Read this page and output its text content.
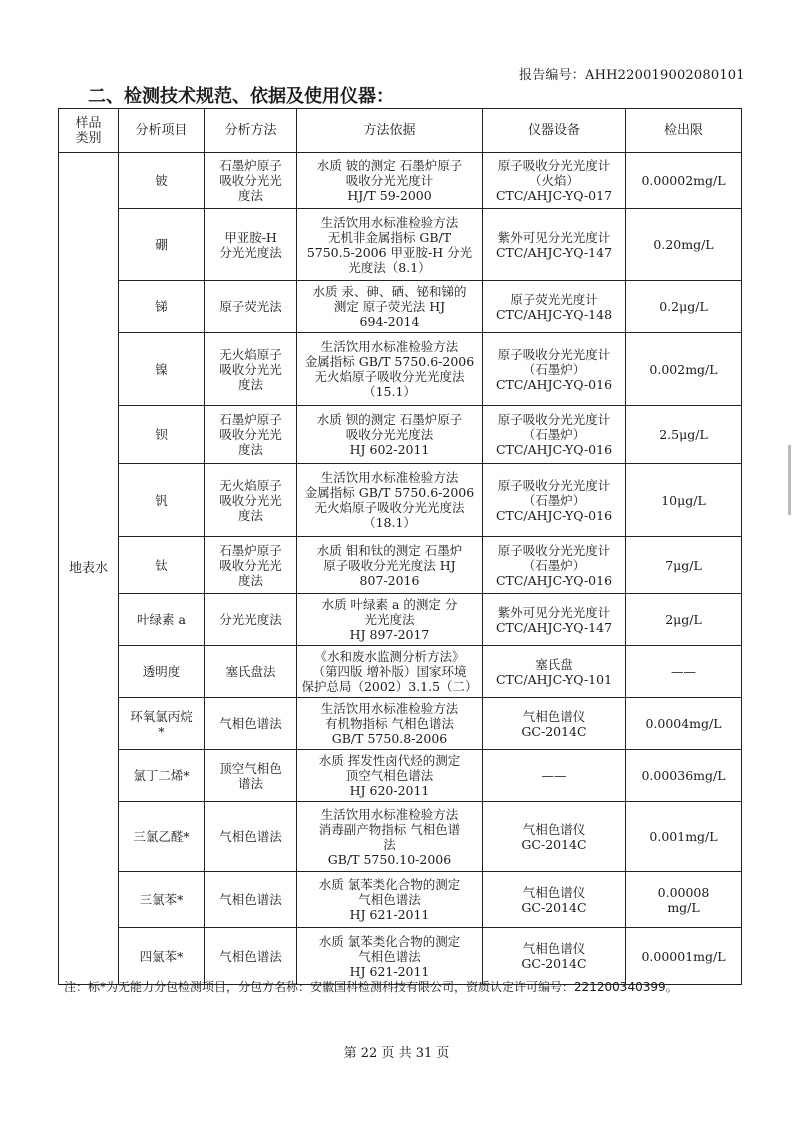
报告编号：AHH22001900208010​1
二、检测技术规范、依据及使用仪器：
样品
类别	分析项目	分析方法	方法依据	仪器设备	检出限
地表水	铍	石墨炉原子
吸收分光光
度法	水质 铍的测定 石墨炉原子
吸收分光光度计
HJ/T 59-2000	原子吸收分光光度计
（火焰）
CTC/AHJC-YQ-017	0.00002mg/L

	硼	甲亚胺-H
分光光度法	生活饮用水标准检验方法
无机非金属指标 GB/T
5750.5-2006 甲亚胺-H 分光
光度法（8.1）	紫外可见分光光度计
CTC/AHJC-YQ-147	0.20mg/L

	锑	原子荧光法	水质 汞、砷、硒、铋和锑的
测定 原子荧光法 HJ
694-2014	原子荧光光度计
CTC/AHJC-YQ-148	0.2μg/L

	镍	无火焰原子
吸收分光光
度法	生活饮用水标准检验方法
金属指标 GB/T 5750.6-2006
无火焰原子吸收分光光度法
（15.1）	原子吸收分光光度计
（石墨炉）
CTC/AHJC-YQ-016	0.002mg/L

	钡	石墨炉原子
吸收分光光
度法	水质 钡的测定 石墨炉原子
吸收分光光度法
HJ 602-2011	原子吸收分光光度计
（石墨炉）
CTC/AHJC-YQ-016	2.5μg/L

	钒	无火焰原子
吸收分光光
度法	生活饮用水标准检验方法
金属指标 GB/T 5750.6-2006
无火焰原子吸收分光光度法
（18.1）	原子吸收分光光度计
（石墨炉）
CTC/AHJC-YQ-016	10μg/L

	钛	石墨炉原子
吸收分光光
度法	水质 钼和钛的测定 石墨炉
原子吸收分光光度法 HJ
807-2016	原子吸收分光光度计
（石墨炉）
CTC/AHJC-YQ-016	7μg/L

	叶绿素 a	分光光度法	水质 叶绿素 a 的测定 分
光光度法
HJ 897-2017	紫外可见分光光度计
CTC/AHJC-YQ-147	2μg/L

	透明度	塞氏盘法	《水和废水监测分析方法》
（第四版 增补版）国家环境
保护总局（2002）3.1.5（二）	塞氏盘
CTC/AHJC-YQ-101	——

	环氧氯丙烷
*	气相色谱法	生活饮用水标准检验方法
有机物指标 气相色谱法
GB/T 5750.8-2006	气相色谱仪
GC-2014C	0.0004mg/L

	氯丁二烯*	顶空气相色
谱法	水质 挥发性卤代烃的测定
顶空气相色谱法
HJ 620-2011	——	0.00036mg/L

	三氯乙醛*	气相色谱法	生活饮用水标准检验方法
消毒副产物指标 气相色谱
法
GB/T 5750.10-2006	气相色谱仪
GC-2014C	0.001mg/L

	三氯苯*	气相色谱法	水质 氯苯类化合物的测定
气相色谱法
HJ 621-2011	气相色谱仪
GC-2014C	0.00008
mg/L

	四氯苯*	气相色谱法	水质 氯苯类化合物的测定
气相色谱法
HJ 621-2011	气相色谱仪
GC-2014C	0.00001mg/L
注：标*为无能力分包检测项目，分包方名称：安徽国科检测科技有限公司，资质认定许可编号：221200340399。
第 22 页 共 31 页
